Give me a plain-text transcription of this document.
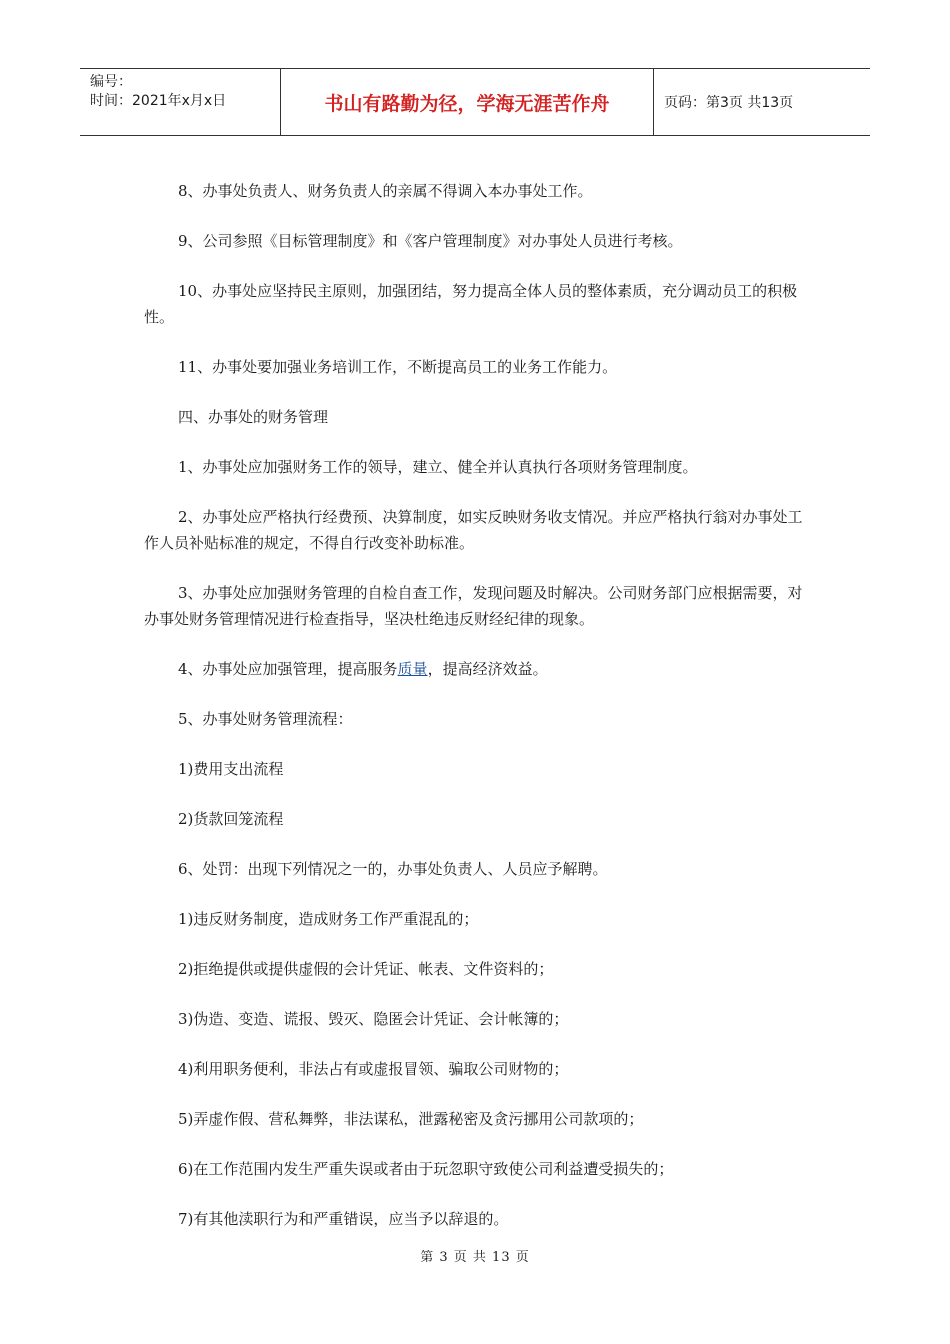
编号：
时间：2021年x月x日	书山有路勤为径，学海无涯苦作舟	页码：第3页 共13页

8、办事处负责人、财务负责人的亲属不得调入本办事处工作。

9、公司参照《目标管理制度》和《客户管理制度》对办事处人员进行考核。

10、办事处应坚持民主原则，加强团结，努力提高全体人员的整体素质，充分调动员工的积极性。

11、办事处要加强业务培训工作，不断提高员工的业务工作能力。

四、办事处的财务管理

1、办事处应加强财务工作的领导，建立、健全并认真执行各项财务管理制度。

2、办事处应严格执行经费预、决算制度，如实反映财务收支情况。并应严格执行翁对办事处工作人员补贴标准的规定，不得自行改变补助标准。

3、办事处应加强财务管理的自检自查工作，发现问题及时解决。公司财务部门应根据需要，对办事处财务管理情况进行检查指导，坚决杜绝违反财经纪律的现象。

4、办事处应加强管理，提高服务质量，提高经济效益。

5、办事处财务管理流程：

1)费用支出流程

2)货款回笼流程

6、处罚：出现下列情况之一的，办事处负责人、人员应予解聘。

1)违反财务制度，造成财务工作严重混乱的；

2)拒绝提供或提供虚假的会计凭证、帐表、文件资料的；

3)伪造、变造、谎报、毁灭、隐匿会计凭证、会计帐簿的；

4)利用职务便利，非法占有或虚报冒领、骗取公司财物的；

5)弄虚作假、营私舞弊，非法谋私，泄露秘密及贪污挪用公司款项的；

6)在工作范围内发生严重失误或者由于玩忽职守致使公司利益遭受损失的；

7)有其他渎职行为和严重错误，应当予以辞退的。

第 3 页 共 13 页
